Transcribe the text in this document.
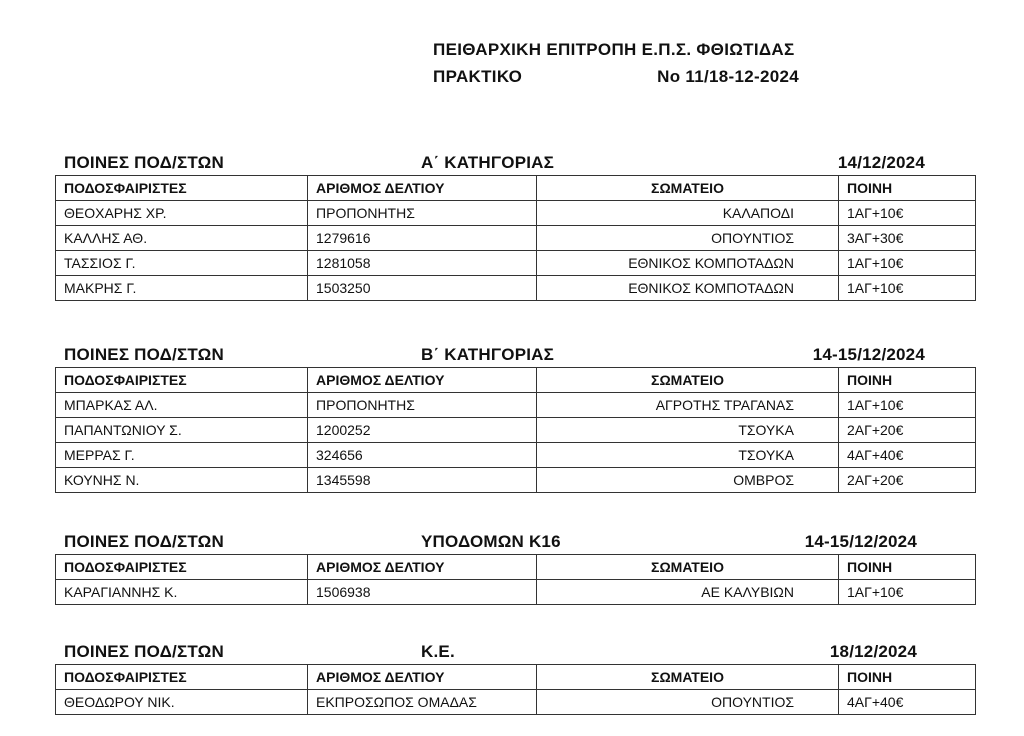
ΠΕΙΘΑΡΧΙΚΗ ΕΠΙΤΡΟΠΗ Ε.Π.Σ. ΦΘΙΩΤΙΔΑΣ
ΠΡΑΚΤΙΚΟ	No 11/18-12-2024
ΠΟΙΝΕΣ ΠΟΔ/ΣΤΩΝ	Α΄ ΚΑΤΗΓΟΡΙΑΣ	14/12/2024
ΠΟΔΟΣΦΑΙΡΙΣΤΕΣ	ΑΡΙΘΜΟΣ ΔΕΛΤΙΟΥ	ΣΩΜΑΤΕΙΟ	ΠΟΙΝΗ
ΘΕΟΧΑΡΗΣ ΧΡ.	ΠΡΟΠΟΝΗΤΗΣ	ΚΑΛΑΠΟΔΙ	1ΑΓ+10€
ΚΑΛΛΗΣ ΑΘ.	1279616	ΟΠΟΥΝΤΙΟΣ	3ΑΓ+30€
ΤΑΣΣΙΟΣ Γ.	1281058	ΕΘΝΙΚΟΣ ΚΟΜΠΟΤΑΔΩΝ	1ΑΓ+10€
ΜΑΚΡΗΣ Γ.	1503250	ΕΘΝΙΚΟΣ ΚΟΜΠΟΤΑΔΩΝ	1ΑΓ+10€
ΠΟΙΝΕΣ ΠΟΔ/ΣΤΩΝ	Β΄ ΚΑΤΗΓΟΡΙΑΣ	14-15/12/2024
ΠΟΔΟΣΦΑΙΡΙΣΤΕΣ	ΑΡΙΘΜΟΣ ΔΕΛΤΙΟΥ	ΣΩΜΑΤΕΙΟ	ΠΟΙΝΗ
ΜΠΑΡΚΑΣ ΑΛ.	ΠΡΟΠΟΝΗΤΗΣ	ΑΓΡΟΤΗΣ ΤΡΑΓΑΝΑΣ	1ΑΓ+10€
ΠΑΠΑΝΤΩΝΙΟΥ Σ.	1200252	ΤΣΟΥΚΑ	2ΑΓ+20€
ΜΕΡΡΑΣ Γ.	324656	ΤΣΟΥΚΑ	4ΑΓ+40€
ΚΟΥΝΗΣ Ν.	1345598	ΟΜΒΡΟΣ	2ΑΓ+20€
ΠΟΙΝΕΣ ΠΟΔ/ΣΤΩΝ	ΥΠΟΔΟΜΩΝ Κ16	14-15/12/2024
ΠΟΔΟΣΦΑΙΡΙΣΤΕΣ	ΑΡΙΘΜΟΣ ΔΕΛΤΙΟΥ	ΣΩΜΑΤΕΙΟ	ΠΟΙΝΗ
ΚΑΡΑΓΙΑΝΝΗΣ Κ.	1506938	ΑΕ ΚΑΛΥΒΙΩΝ	1ΑΓ+10€
ΠΟΙΝΕΣ ΠΟΔ/ΣΤΩΝ	Κ.Ε.	18/12/2024
ΠΟΔΟΣΦΑΙΡΙΣΤΕΣ	ΑΡΙΘΜΟΣ ΔΕΛΤΙΟΥ	ΣΩΜΑΤΕΙΟ	ΠΟΙΝΗ
ΘΕΟΔΩΡΟΥ ΝΙΚ.	ΕΚΠΡΟΣΩΠΟΣ ΟΜΑΔΑΣ	ΟΠΟΥΝΤΙΟΣ	4ΑΓ+40€
